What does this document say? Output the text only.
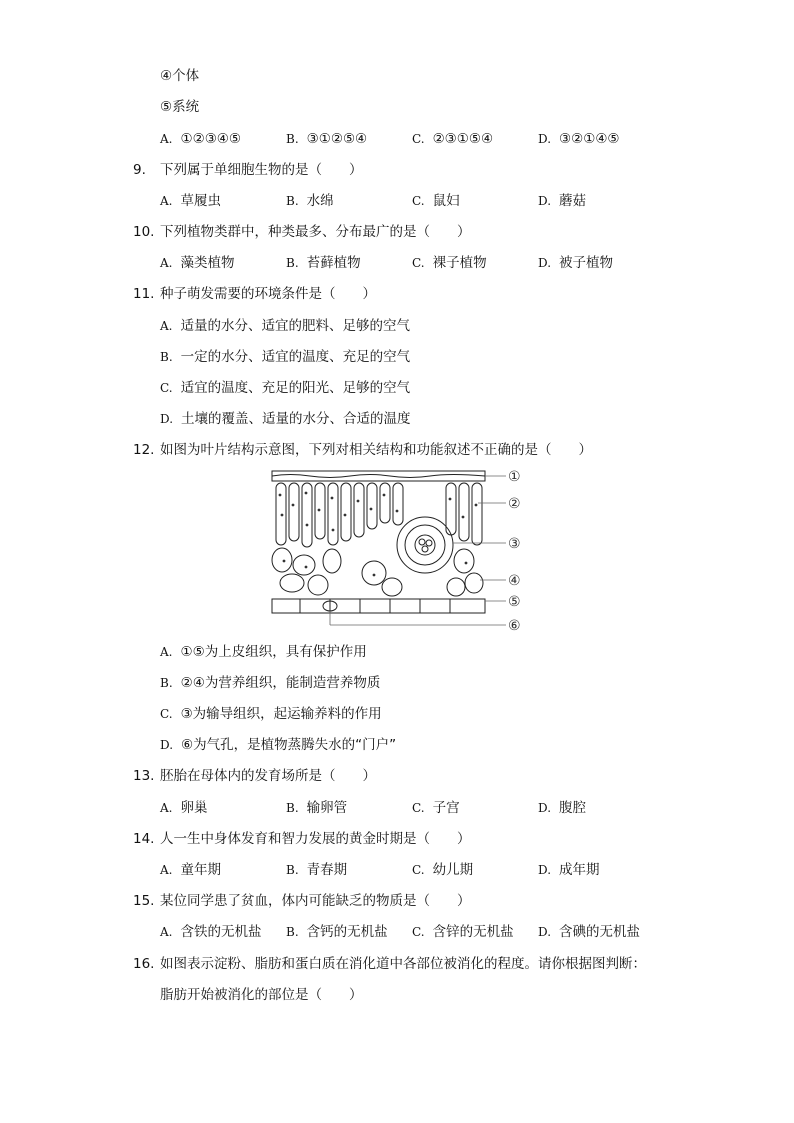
④个体
⑤系统
A. ①②③④⑤	B. ③①②⑤④	C. ②③①⑤④	D. ③②①④⑤
9. 下列属于单细胞生物的是（　　）
A. 草履虫	B. 水绵	C. 鼠妇	D. 蘑菇
10. 下列植物类群中，种类最多、分布最广的是（　　）
A. 藻类植物	B. 苔藓植物	C. 裸子植物	D. 被子植物
11. 种子萌发需要的环境条件是（　　）
A. 适量的水分、适宜的肥料、足够的空气
B. 一定的水分、适宜的温度、充足的空气
C. 适宜的温度、充足的阳光、足够的空气
D. 土壤的覆盖、适量的水分、合适的温度
12. 如图为叶片结构示意图，下列对相关结构和功能叙述不正确的是（　　）
①
②
③
④
⑤
⑥
A. ①⑤为上皮组织，具有保护作用
B. ②④为营养组织，能制造营养物质
C. ③为输导组织，起运输养料的作用
D. ⑥为气孔，是植物蒸腾失水的“门户”
13. 胚胎在母体内的发育场所是（　　）
A. 卵巢	B. 输卵管	C. 子宫	D. 腹腔
14. 人一生中身体发育和智力发展的黄金时期是（　　）
A. 童年期	B. 青春期	C. 幼儿期	D. 成年期
15. 某位同学患了贫血，体内可能缺乏的物质是（　　）
A. 含铁的无机盐 B. 含钙的无机盐 C. 含锌的无机盐 D. 含碘的无机盐
16. 如图表示淀粉、脂肪和蛋白质在消化道中各部位被消化的程度。请你根据图判断：
脂肪开始被消化的部位是（　　）
